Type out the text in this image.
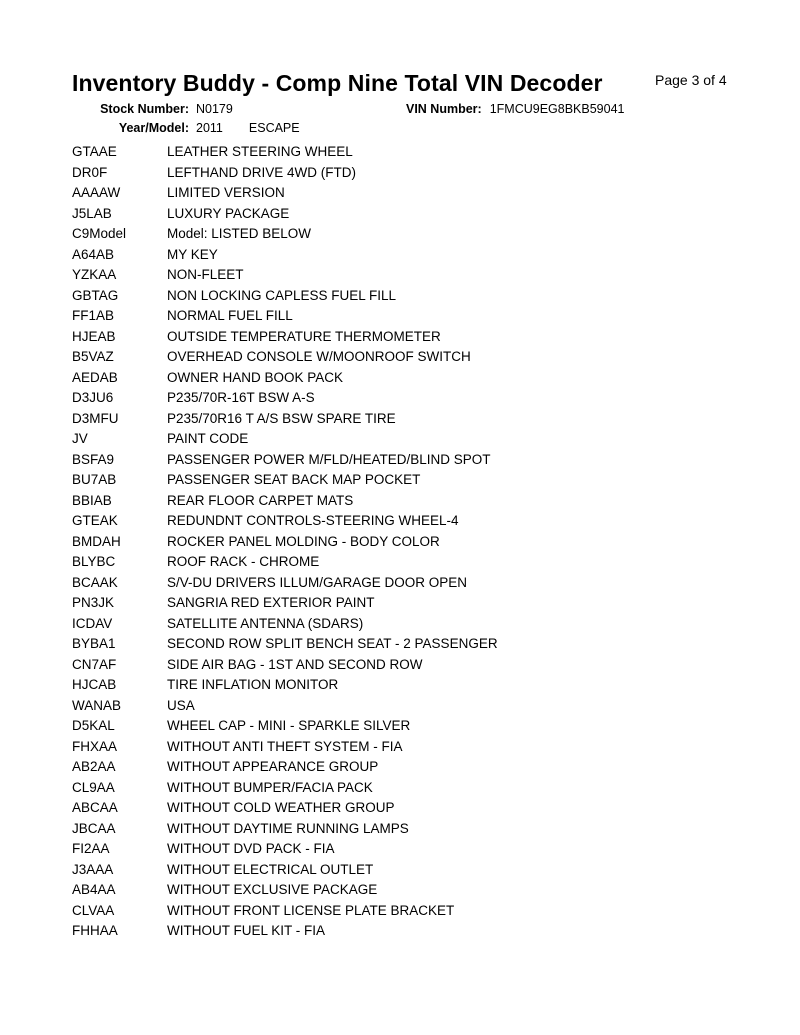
Inventory Buddy - Comp Nine Total VIN Decoder	Page 3 of 4
Stock Number: N0179	VIN Number: 1FMCU9EG8BKB59041
Year/Model: 2011 ESCAPE
GTAAE	LEATHER STEERING WHEEL
DR0F	LEFTHAND DRIVE 4WD (FTD)
AAAAW	LIMITED VERSION
J5LAB	LUXURY PACKAGE
C9Model	Model: LISTED BELOW
A64AB	MY KEY
YZKAA	NON-FLEET
GBTAG	NON LOCKING CAPLESS FUEL FILL
FF1AB	NORMAL FUEL FILL
HJEAB	OUTSIDE TEMPERATURE THERMOMETER
B5VAZ	OVERHEAD CONSOLE W/MOONROOF SWITCH
AEDAB	OWNER HAND BOOK PACK
D3JU6	P235/70R-16T BSW A-S
D3MFU	P235/70R16 T A/S BSW SPARE TIRE
JV	PAINT CODE
BSFA9	PASSENGER POWER M/FLD/HEATED/BLIND SPOT
BU7AB	PASSENGER SEAT BACK MAP POCKET
BBIAB	REAR FLOOR CARPET MATS
GTEAK	REDUNDNT CONTROLS-STEERING WHEEL-4
BMDAH	ROCKER PANEL MOLDING - BODY COLOR
BLYBC	ROOF RACK - CHROME
BCAAK	S/V-DU DRIVERS ILLUM/GARAGE DOOR OPEN
PN3JK	SANGRIA RED EXTERIOR PAINT
ICDAV	SATELLITE ANTENNA (SDARS)
BYBA1	SECOND ROW SPLIT BENCH SEAT - 2 PASSENGER
CN7AF	SIDE AIR BAG - 1ST AND SECOND ROW
HJCAB	TIRE INFLATION MONITOR
WANAB	USA
D5KAL	WHEEL CAP - MINI - SPARKLE SILVER
FHXAA	WITHOUT ANTI THEFT SYSTEM - FIA
AB2AA	WITHOUT APPEARANCE GROUP
CL9AA	WITHOUT BUMPER/FACIA PACK
ABCAA	WITHOUT COLD WEATHER GROUP
JBCAA	WITHOUT DAYTIME RUNNING LAMPS
FI2AA	WITHOUT DVD PACK - FIA
J3AAA	WITHOUT ELECTRICAL OUTLET
AB4AA	WITHOUT EXCLUSIVE PACKAGE
CLVAA	WITHOUT FRONT LICENSE PLATE BRACKET
FHHAA	WITHOUT FUEL KIT - FIA
